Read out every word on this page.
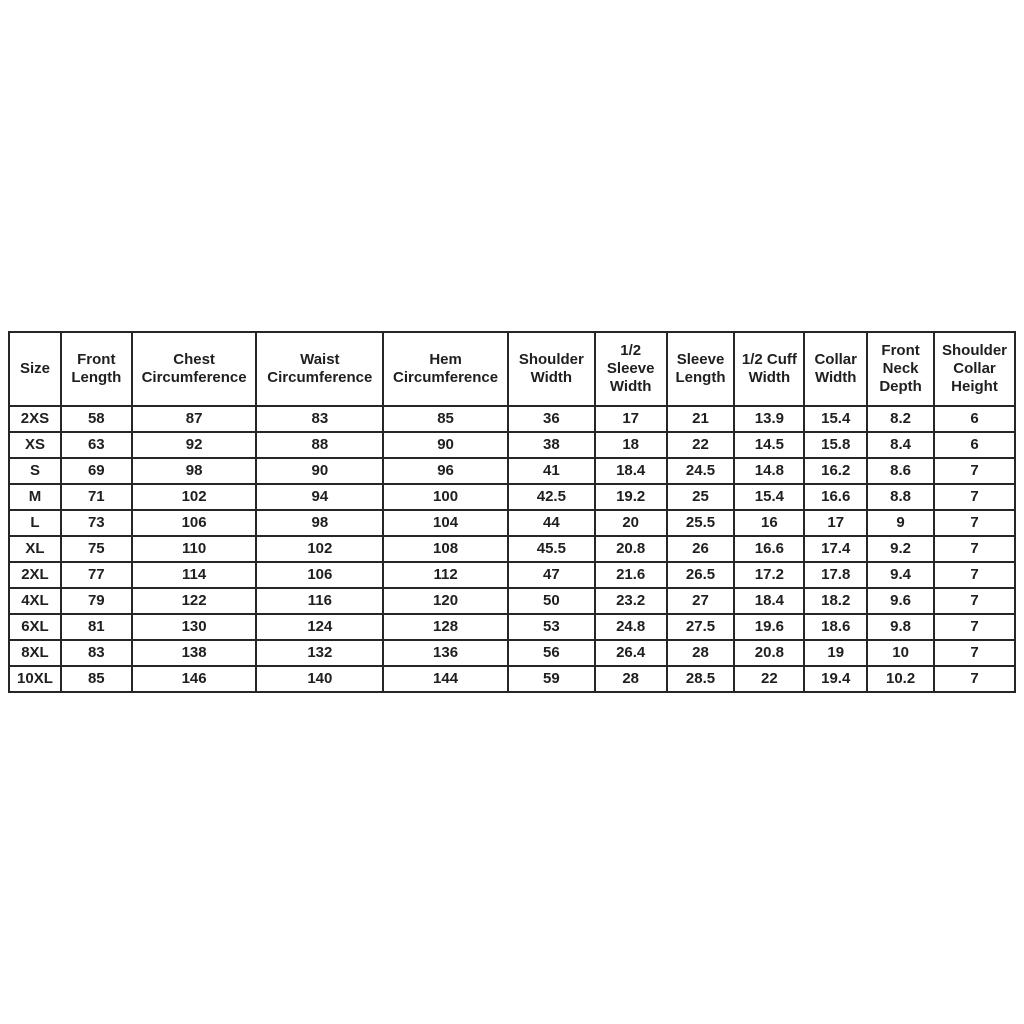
Size	Front Length	Chest Circumference	Waist Circumference	Hem Circumference	Shoulder Width	1/2 Sleeve Width	Sleeve Length	1/2 Cuff Width	Collar Width	Front Neck Depth	Shoulder Collar Height
2XS	58	87	83	85	36	17	21	13.9	15.4	8.2	6
XS	63	92	88	90	38	18	22	14.5	15.8	8.4	6
S	69	98	90	96	41	18.4	24.5	14.8	16.2	8.6	7
M	71	102	94	100	42.5	19.2	25	15.4	16.6	8.8	7
L	73	106	98	104	44	20	25.5	16	17	9	7
XL	75	110	102	108	45.5	20.8	26	16.6	17.4	9.2	7
2XL	77	114	106	112	47	21.6	26.5	17.2	17.8	9.4	7
4XL	79	122	116	120	50	23.2	27	18.4	18.2	9.6	7
6XL	81	130	124	128	53	24.8	27.5	19.6	18.6	9.8	7
8XL	83	138	132	136	56	26.4	28	20.8	19	10	7
10XL	85	146	140	144	59	28	28.5	22	19.4	10.2	7
